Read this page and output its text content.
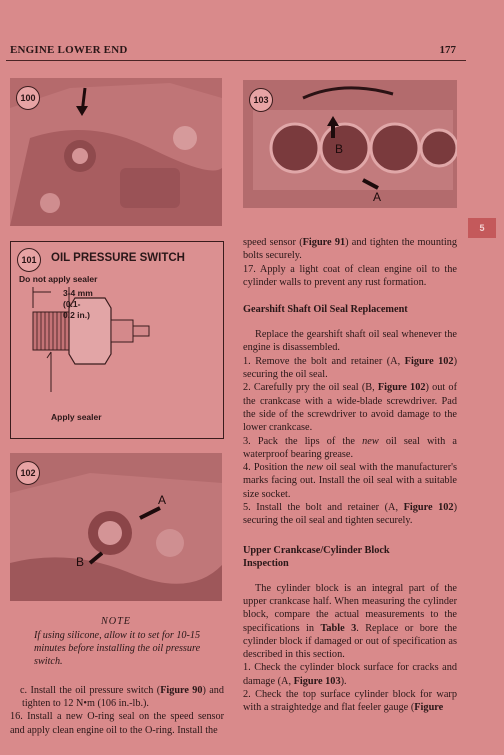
ENGINE LOWER END	177
5
100	103
B
A
101	OIL PRESSURE SWITCH
Do not apply sealer
3-4 mm
(0.1-
0.2 in.)
Apply sealer
102
A
B
NOTE
If using silicone, allow it to set for 10-15 minutes before installing the oil pressure switch.

c. Install the oil pressure switch (Figure 90) and tighten to 12 N•m (106 in.-lb.).

16. Install a new O-ring seal on the speed sensor and apply clean engine oil to the O-ring. Install the

speed sensor (Figure 91) and tighten the mounting bolts securely.

17. Apply a light coat of clean engine oil to the cylinder walls to prevent any rust formation.

Gearshift Shaft Oil Seal Replacement

Replace the gearshift shaft oil seal whenever the engine is disassembled.

1. Remove the bolt and retainer (A, Figure 102) securing the oil seal.

2. Carefully pry the oil seal (B, Figure 102) out of the crankcase with a wide-blade screwdriver. Pad the side of the screwdriver to avoid damage to the lower crankcase.

3. Pack the lips of the new oil seal with a waterproof bearing grease.

4. Position the new oil seal with the manufacturer's marks facing out. Install the oil seal with a suitable size socket.

5. Install the bolt and retainer (A, Figure 102) securing the oil seal and tighten securely.

Upper Crankcase/Cylinder Block
Inspection

The cylinder block is an integral part of the upper crankcase half. When measuring the cylinder block, compare the actual measurements to the specifications in Table 3. Replace or bore the cylinder block if damaged or out of specification as described in this section.

1. Check the cylinder block surface for cracks and damage (A, Figure 103).

2. Check the top surface cylinder block for warp with a straightedge and flat feeler gauge (Figure
